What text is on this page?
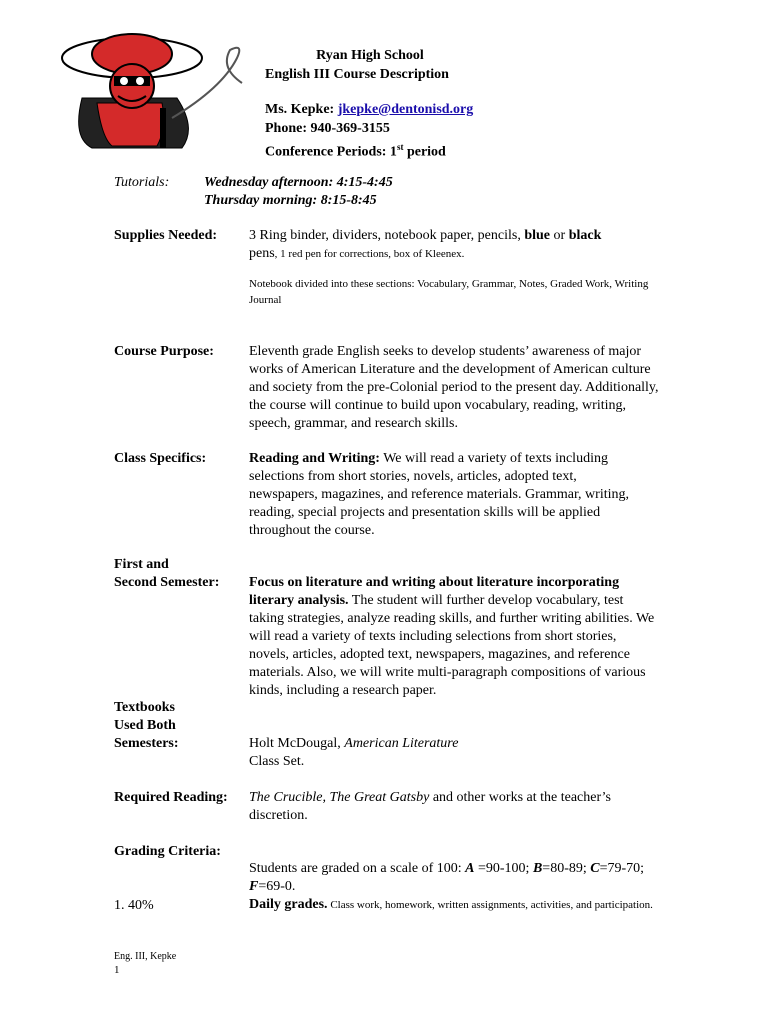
Ryan High School
English III Course Description
Ms. Kepke: jkepke@dentonisd.org
Phone: 940-369-3155
Conference Periods: 1st period
Tutorials: Wednesday afternoon: 4:15-4:45
Thursday morning: 8:15-8:45
Supplies Needed: 3 Ring binder, dividers, notebook paper, pencils, blue or black
pens, 1 red pen for corrections, box of Kleenex.
Notebook divided into these sections: Vocabulary, Grammar, Notes, Graded Work, Writing Journal
Course Purpose:	Eleventh grade English seeks to develop students’ awareness of major works of American Literature and the development of American culture and society from the pre-Colonial period to the present day. Additionally, the course will continue to build upon vocabulary, reading, writing, speech, grammar, and research skills.
Class Specifics:	Reading and Writing: We will read a variety of texts including selections from short stories, novels, articles, adopted text, newspapers, magazines, and reference materials. Grammar, writing, reading, special projects and presentation skills will be applied throughout the course.
First and
Second Semester: Focus on literature and writing about literature incorporating literary analysis. The student will further develop vocabulary, test taking strategies, analyze reading skills, and further writing abilities. We will read a variety of texts including selections from short stories, novels, articles, adopted text, newspapers, magazines, and reference materials. Also, we will write multi-paragraph compositions of various kinds, including a research paper.
Textbooks
Used Both
Semesters:	Holt McDougal, American Literature
Class Set.
Required Reading: The Crucible, The Great Gatsby and other works at the teacher’s discretion.
Grading Criteria:
Students are graded on a scale of 100: A =90-100; B=80-89; C=79-70; F=69-0.
1. 40%	Daily grades. Class work, homework, written assignments, activities, and participation.
Eng. III, Kepke
1
